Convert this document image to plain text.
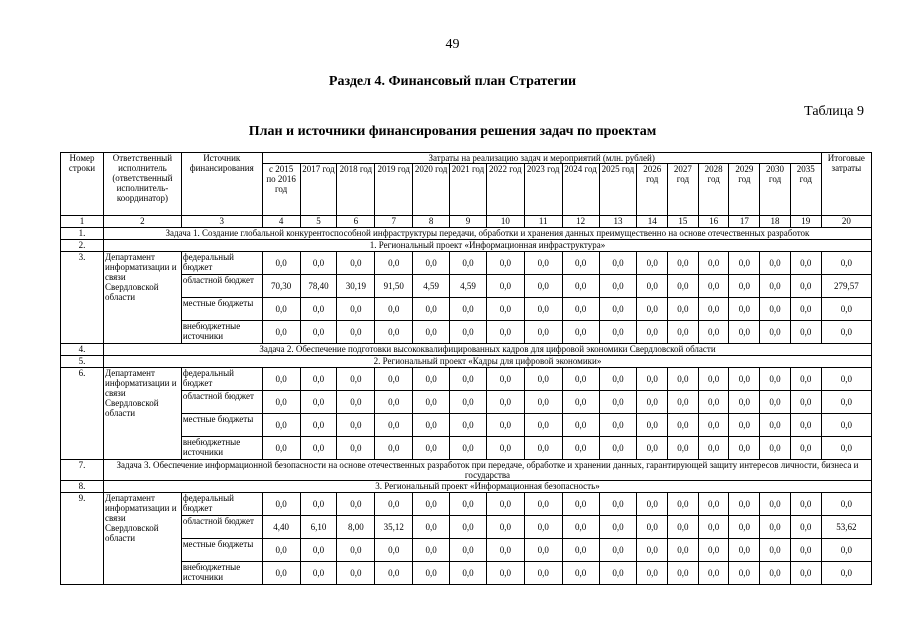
49
Раздел 4. Финансовый план Стратегии
Таблица 9
План и источники финансирования решения задач по проектам
Номер строки	Ответственный исполнитель (ответственный исполнитель-координатор)	Источник финансирования	Затраты на реализацию задач и мероприятий (млн. рублей)																Итоговые затраты
			с 2015 по 2016 год	2017 год	2018 год	2019 год	2020 год	2021 год	2022 год	2023 год	2024 год	2025 год	2026 год	2027 год	2028 год	2029 год	2030 год	2035 год	
1	2	3	4	5	6	7	8	9	10	11	12	13	14	15	16	17	18	19	20
1.	Задача 1. Создание глобальной конкурентоспособной инфраструктуры передачи, обработки и хранения данных преимущественно на основе отечественных разработок																		
2.	1. Региональный проект «Информационная инфраструктура»																		
3.	Департамент информатизации и связи Свердловской области	федеральный бюджет	0,0	0,0	0,0	0,0	0,0	0,0	0,0	0,0	0,0	0,0	0,0	0,0	0,0	0,0	0,0	0,0	0,0
		областной бюджет	70,30	78,40	30,19	91,50	4,59	4,59	0,0	0,0	0,0	0,0	0,0	0,0	0,0	0,0	0,0	0,0	279,57
		местные бюджеты	0,0	0,0	0,0	0,0	0,0	0,0	0,0	0,0	0,0	0,0	0,0	0,0	0,0	0,0	0,0	0,0	0,0
		внебюджетные источники	0,0	0,0	0,0	0,0	0,0	0,0	0,0	0,0	0,0	0,0	0,0	0,0	0,0	0,0	0,0	0,0	0,0
4.	Задача 2. Обеспечение подготовки высококвалифицированных кадров для цифровой экономики Свердловской области																		
5.	2. Региональный проект «Кадры для цифровой экономики»																		
6.	Департамент информатизации и связи Свердловской области	федеральный бюджет	0,0	0,0	0,0	0,0	0,0	0,0	0,0	0,0	0,0	0,0	0,0	0,0	0,0	0,0	0,0	0,0	0,0
		областной бюджет	0,0	0,0	0,0	0,0	0,0	0,0	0,0	0,0	0,0	0,0	0,0	0,0	0,0	0,0	0,0	0,0	0,0
		местные бюджеты	0,0	0,0	0,0	0,0	0,0	0,0	0,0	0,0	0,0	0,0	0,0	0,0	0,0	0,0	0,0	0,0	0,0
		внебюджетные источники	0,0	0,0	0,0	0,0	0,0	0,0	0,0	0,0	0,0	0,0	0,0	0,0	0,0	0,0	0,0	0,0	0,0
7.	Задача 3. Обеспечение информационной безопасности на основе отечественных разработок при передаче, обработке и хранении данных, гарантирующей защиту интересов личности, бизнеса и государства																		
8.	3. Региональный проект «Информационная безопасность»																		
9.	Департамент информатизации и связи Свердловской области	федеральный бюджет	0,0	0,0	0,0	0,0	0,0	0,0	0,0	0,0	0,0	0,0	0,0	0,0	0,0	0,0	0,0	0,0	0,0
		областной бюджет	4,40	6,10	8,00	35,12	0,0	0,0	0,0	0,0	0,0	0,0	0,0	0,0	0,0	0,0	0,0	0,0	53,62
		местные бюджеты	0,0	0,0	0,0	0,0	0,0	0,0	0,0	0,0	0,0	0,0	0,0	0,0	0,0	0,0	0,0	0,0	0,0
		внебюджетные источники	0,0	0,0	0,0	0,0	0,0	0,0	0,0	0,0	0,0	0,0	0,0	0,0	0,0	0,0	0,0	0,0	0,0
